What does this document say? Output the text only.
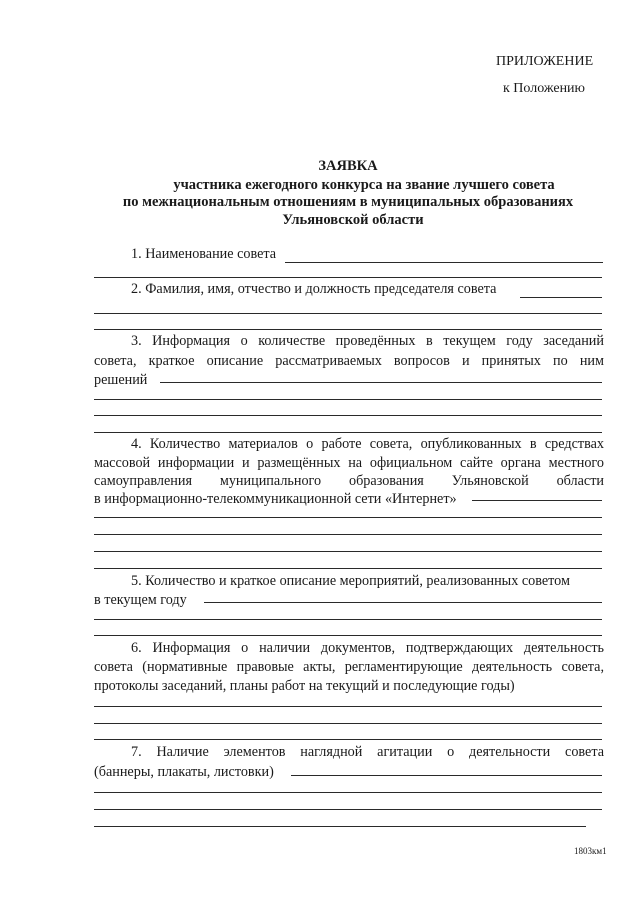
ПРИЛОЖЕНИЕ
к Положению
ЗАЯВКА
участника ежегодного конкурса на звание лучшего совета
по межнациональным отношениям в муниципальных образованиях
Ульяновской области
1. Наименование совета
2. Фамилия, имя, отчество и должность председателя совета
3. Информация о количестве проведённых в текущем году заседаний
совета, краткое описание рассматриваемых вопросов и принятых по ним
решений
4. Количество материалов о работе совета, опубликованных в средствах
массовой информации и размещённых на официальном сайте органа местного
самоуправления муниципального образования Ульяновской области
в информационно-телекоммуникационной сети «Интернет»
5. Количество и краткое описание мероприятий, реализованных советом
в текущем году
6. Информация о наличии документов, подтверждающих деятельность
совета (нормативные правовые акты, регламентирующие деятельность совета,
протоколы заседаний, планы работ на текущий и последующие годы)
7. Наличие элементов наглядной агитации о деятельности совета
(баннеры, плакаты, листовки)
1803км1
